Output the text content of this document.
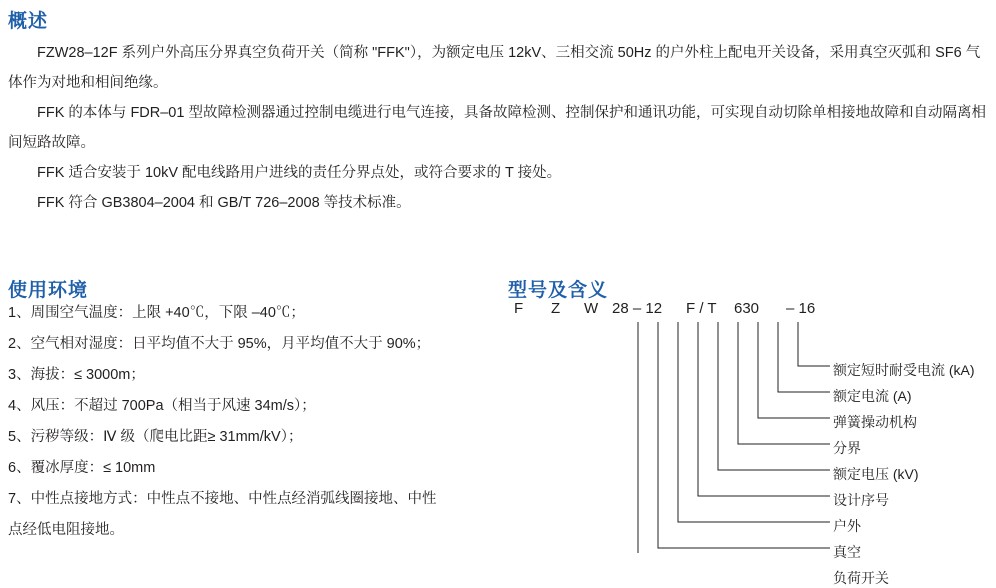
概述

FZW28–12F 系列户外高压分界真空负荷开关（简称 "FFK"），为额定电压 12kV、三相交流 50Hz 的户外柱上配电开关设备，采用真空灭弧和 SF6 气体作为对地和相间绝缘。

FFK 的本体与 FDR–01 型故障检测器通过控制电缆进行电气连接，具备故障检测、控制保护和通讯功能，可实现自动切除单相接地故障和自动隔离相间短路故障。

FFK 适合安装于 10kV 配电线路用户进线的责任分界点处，或符合要求的 T 接处。

FFK 符合 GB3804–2004 和 GB/T 726–2008 等技术标准。

使用环境
1、周围空气温度：上限 +40℃，下限 –40℃；
2、空气相对湿度：日平均值不大于 95%，月平均值不大于 90%；
3、海拔：≤ 3000m；
4、风压：不超过 700Pa（相当于风速 34m/s）；
5、污秽等级：Ⅳ 级（爬电比距≥ 31mm/kV）；
6、覆冰厚度：≤ 10mm
7、中性点接地方式：中性点不接地、中性点经消弧线圈接地、中性
点经低电阻接地。
型号及含义
F Z W 28 – 12 F / T 630 – 16
额定短时耐受电流 (kA)
额定电流 (A)
弹簧操动机构
分界
额定电压 (kV)
设计序号
户外
真空
负荷开关
